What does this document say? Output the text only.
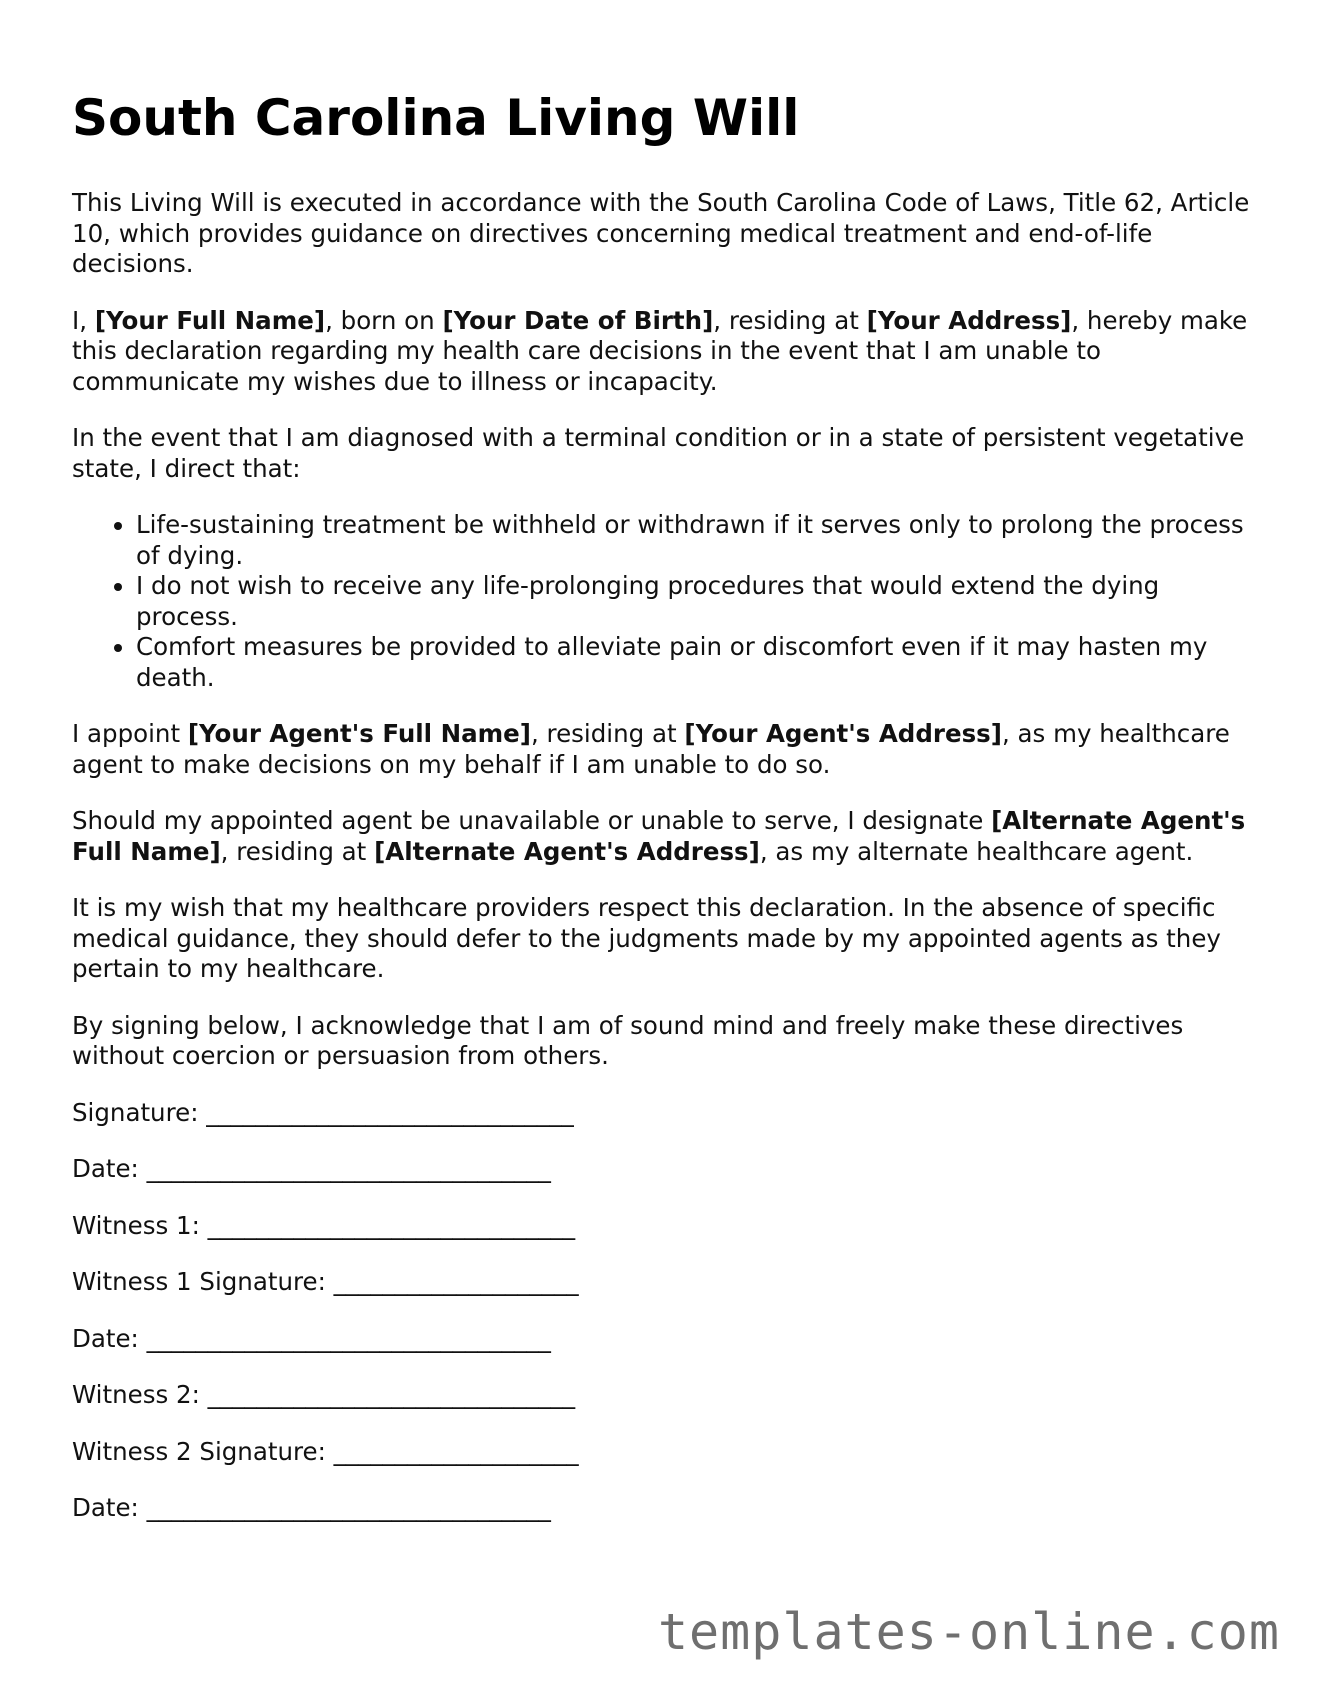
South Carolina Living Will

This Living Will is executed in accordance with the South Carolina Code of Laws, Title 62, Article 10, which provides guidance on directives concerning medical treatment and end-of-life decisions.

I, [Your Full Name], born on [Your Date of Birth], residing at [Your Address], hereby make this declaration regarding my health care decisions in the event that I am unable to communicate my wishes due to illness or incapacity.

In the event that I am diagnosed with a terminal condition or in a state of persistent vegetative state, I direct that:

• Life-sustaining treatment be withheld or withdrawn if it serves only to prolong the process of dying.
• I do not wish to receive any life-prolonging procedures that would extend the dying process.
• Comfort measures be provided to alleviate pain or discomfort even if it may hasten my death.

I appoint [Your Agent's Full Name], residing at [Your Agent's Address], as my healthcare agent to make decisions on my behalf if I am unable to do so.

Should my appointed agent be unavailable or unable to serve, I designate [Alternate Agent's Full Name], residing at [Alternate Agent's Address], as my alternate healthcare agent.

It is my wish that my healthcare providers respect this declaration. In the absence of specific medical guidance, they should defer to the judgments made by my appointed agents as they pertain to my healthcare.

By signing below, I acknowledge that I am of sound mind and freely make these directives without coercion or persuasion from others.

Signature: ______________________________
Date: _________________________________
Witness 1: ______________________________
Witness 1 Signature: ____________________
Date: _________________________________
Witness 2: ______________________________
Witness 2 Signature: ____________________
Date: _________________________________
templates-online.com
